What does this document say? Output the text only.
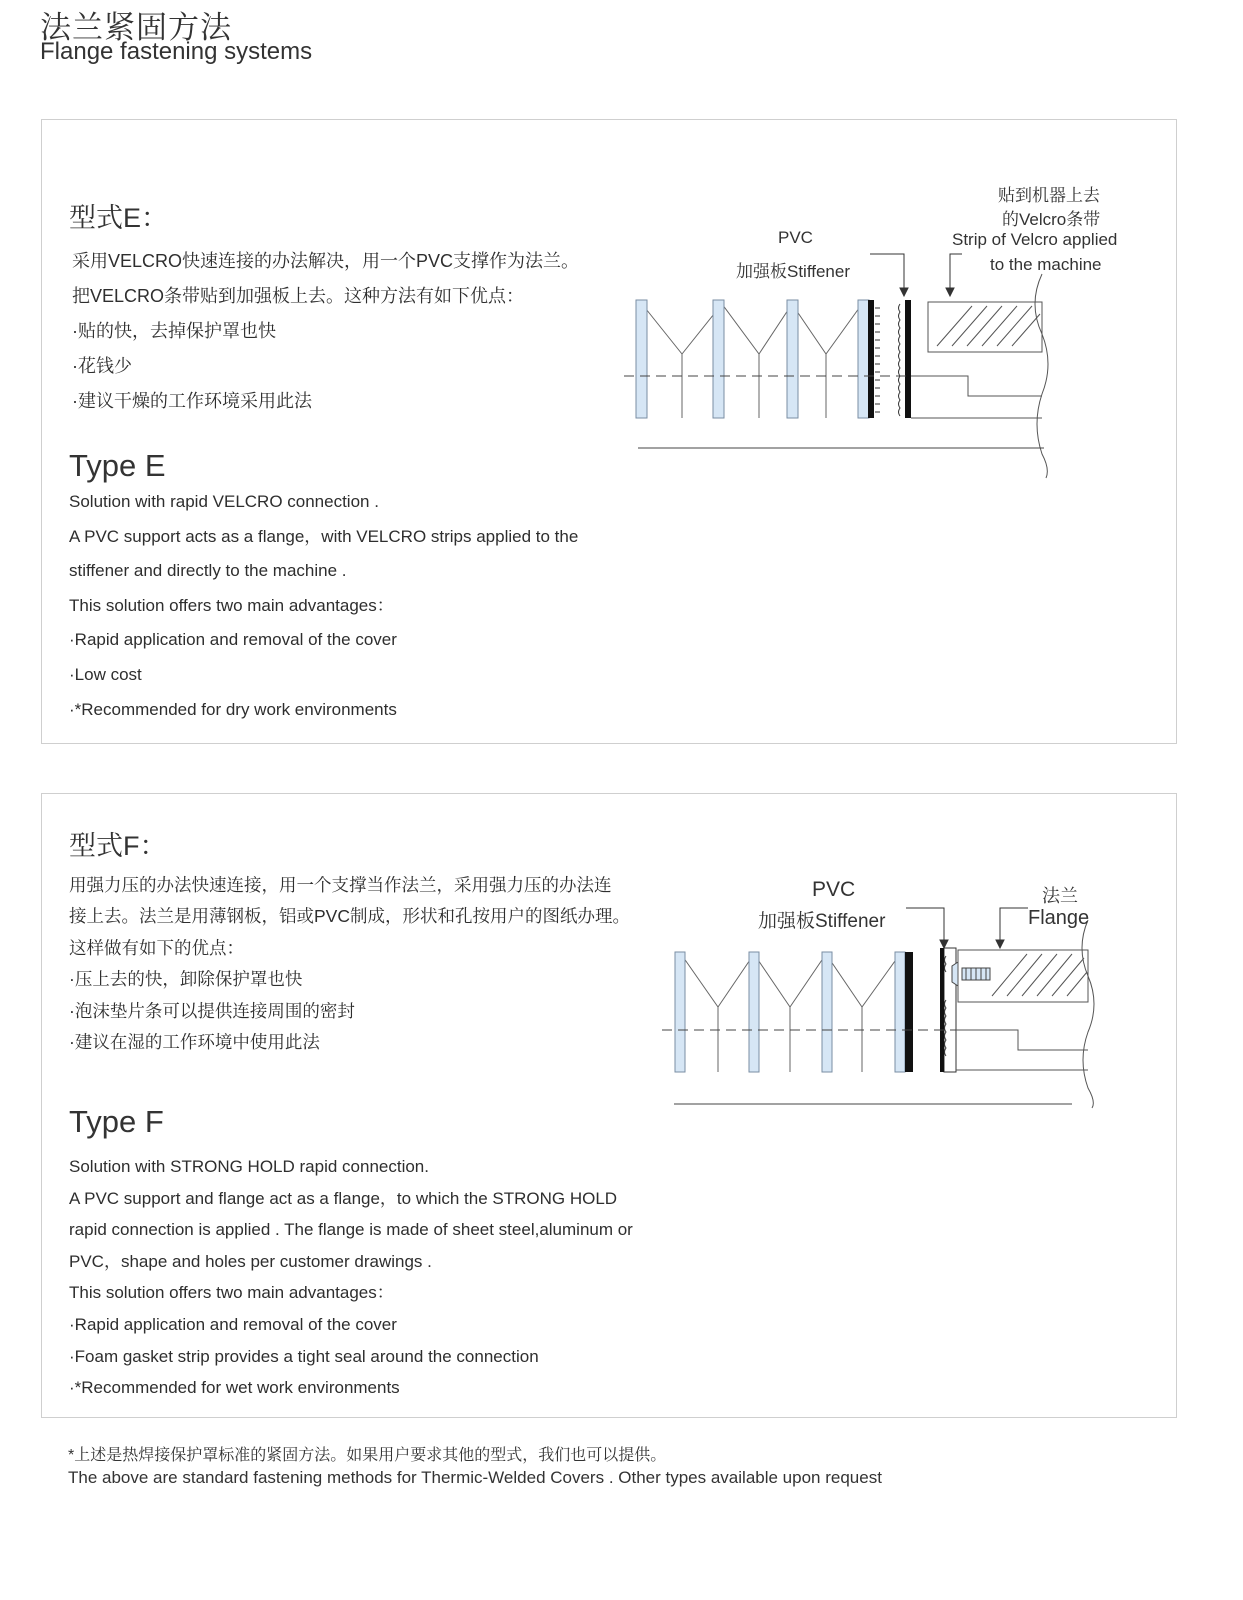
法兰紧固方法
Flange fastening systems
型式E：
采用VELCRO快速连接的办法解决，用一个PVC支撑作为法兰。
把VELCRO条带贴到加强板上去。这种方法有如下优点：
·贴的快，去掉保护罩也快
·花钱少
·建议干燥的工作环境采用此法
Type E
Solution with rapid VELCRO connection .
A PVC support acts as a flange，with VELCRO strips applied to the
stiffener and directly to the machine .
This solution offers two main advantages：
·Rapid application and removal of the cover
·Low cost
·*Recommended for dry work environments
PVC
加强板Stiffener
贴到机器上去
的Velcro条带
Strip of Velcro applied
to the machine
型式F：
用强力压的办法快速连接，用一个支撑当作法兰，采用强力压的办法连
接上去。法兰是用薄钢板，铝或PVC制成，形状和孔按用户的图纸办理。
这样做有如下的优点：
·压上去的快，卸除保护罩也快
·泡沫垫片条可以提供连接周围的密封
·建议在湿的工作环境中使用此法
Type F
Solution with STRONG HOLD rapid connection.
A PVC support and flange act as a flange，to which the STRONG HOLD
rapid connection is applied . The flange is made of sheet steel,aluminum or
PVC，shape and holes per customer drawings .
This solution offers two main advantages：
·Rapid application and removal of the cover
·Foam gasket strip provides a tight seal around the connection
·*Recommended for wet work environments
PVC
加强板Stiffener
法兰
Flange
*上述是热焊接保护罩标准的紧固方法。如果用户要求其他的型式，我们也可以提供。
The above are standard fastening methods for Thermic-Welded Covers . Other types available upon request
